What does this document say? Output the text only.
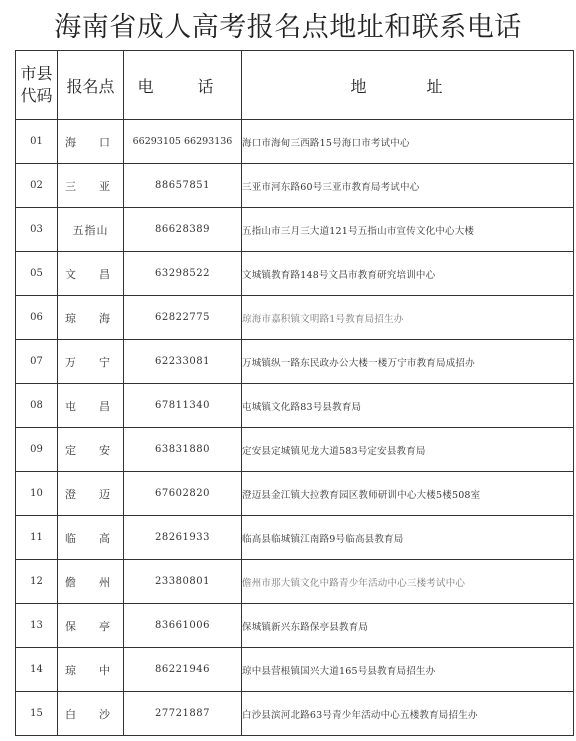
海南省成人高考报名点地址和联系电话
市县
代码	报名点	电　话	地　址
01	海　口	66293105 66293136	海口市海甸三西路15号海口市考试中心
02	三　亚	88657851	三亚市河东路60号三亚市教育局考试中心
03	五指山	86628389	五指山市三月三大道121号五指山市宣传文化中心大楼
05	文　昌	63298522	文城镇教育路148号文昌市教育研究培训中心
06	琼　海	62822775	琼海市嘉积镇文明路1号教育局招生办
07	万　宁	62233081	万城镇纵一路东民政办公大楼一楼万宁市教育局成招办
08	屯　昌	67811340	屯城镇文化路83号县教育局
09	定　安	63831880	定安县定城镇见龙大道583号定安县教育局
10	澄　迈	67602820	澄迈县金江镇大拉教育园区教师研训中心大楼5楼508室
11	临　高	28261933	临高县临城镇江南路9号临高县教育局
12	儋　州	23380801	儋州市那大镇文化中路青少年活动中心三楼考试中心
13	保　亭	83661006	保城镇新兴东路保亭县教育局
14	琼　中	86221946	琼中县营根镇国兴大道165号县教育局招生办
15	白　沙	27721887	白沙县滨河北路63号青少年活动中心五楼教育局招生办
